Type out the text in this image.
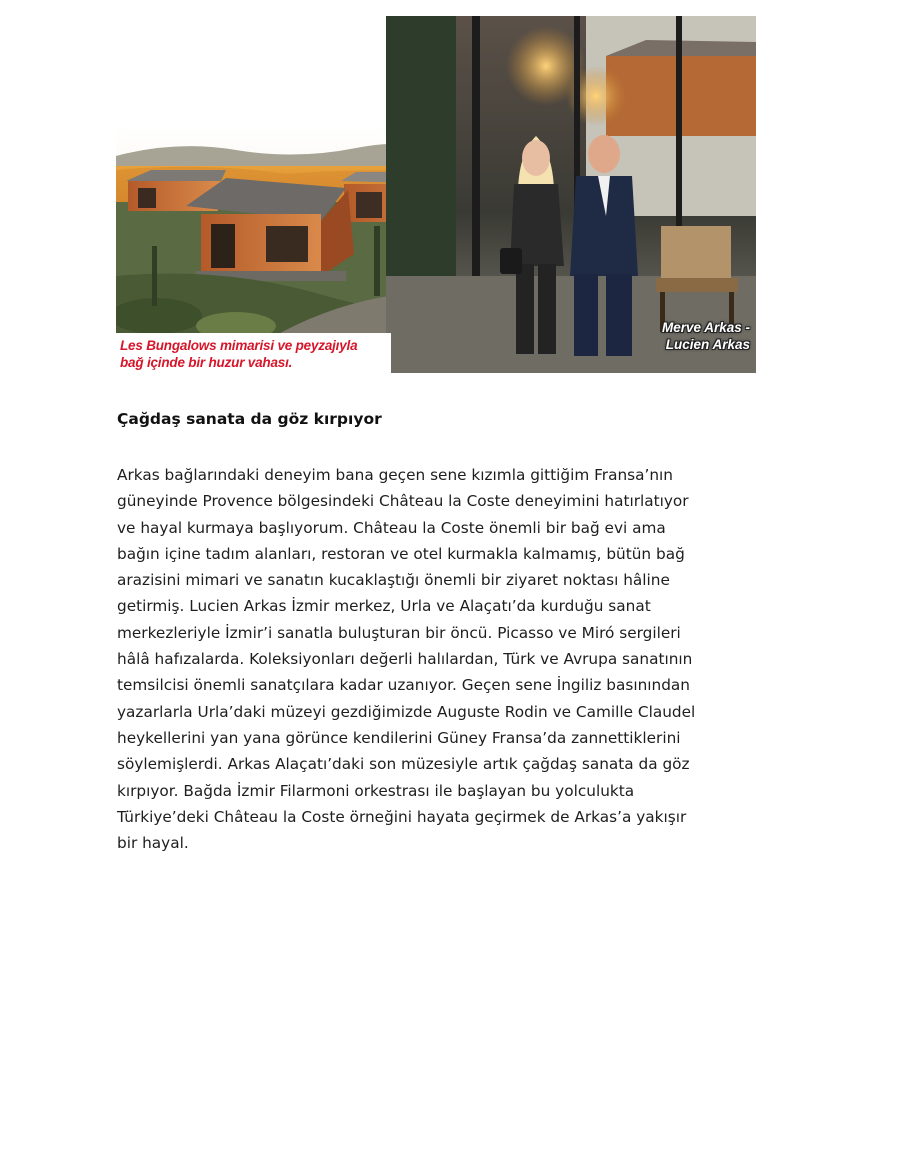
Merve Arkas -
Lucien Arkas
Les Bungalows mimarisi ve peyzajıyla
bağ içinde bir huzur vahası.
Çağdaş sanata da göz kırpıyor
Arkas bağlarındaki deneyim bana geçen sene kızımla gittiğim Fransa’nın
güneyinde Provence bölgesindeki Château la Coste deneyimini hatırlatıyor
ve hayal kurmaya başlıyorum. Château la Coste önemli bir bağ evi ama
bağın içine tadım alanları, restoran ve otel kurmakla kalmamış, bütün bağ
arazisini mimari ve sanatın kucaklaştığı önemli bir ziyaret noktası hâline
getirmiş. Lucien Arkas İzmir merkez, Urla ve Alaçatı’da kurduğu sanat
merkezleriyle İzmir’i sanatla buluşturan bir öncü. Picasso ve Miró sergileri
hâlâ hafızalarda. Koleksiyonları değerli halılardan, Türk ve Avrupa sanatının
temsilcisi önemli sanatçılara kadar uzanıyor. Geçen sene İngiliz basınından
yazarlarla Urla’daki müzeyi gezdiğimizde Auguste Rodin ve Camille Claudel
heykellerini yan yana görünce kendilerini Güney Fransa’da zannettiklerini
söylemişlerdi. Arkas Alaçatı’daki son müzesiyle artık çağdaş sanata da göz
kırpıyor. Bağda İzmir Filarmoni orkestrası ile başlayan bu yolculukta
Türkiye’deki Château la Coste örneğini hayata geçirmek de Arkas’a yakışır
bir hayal.
